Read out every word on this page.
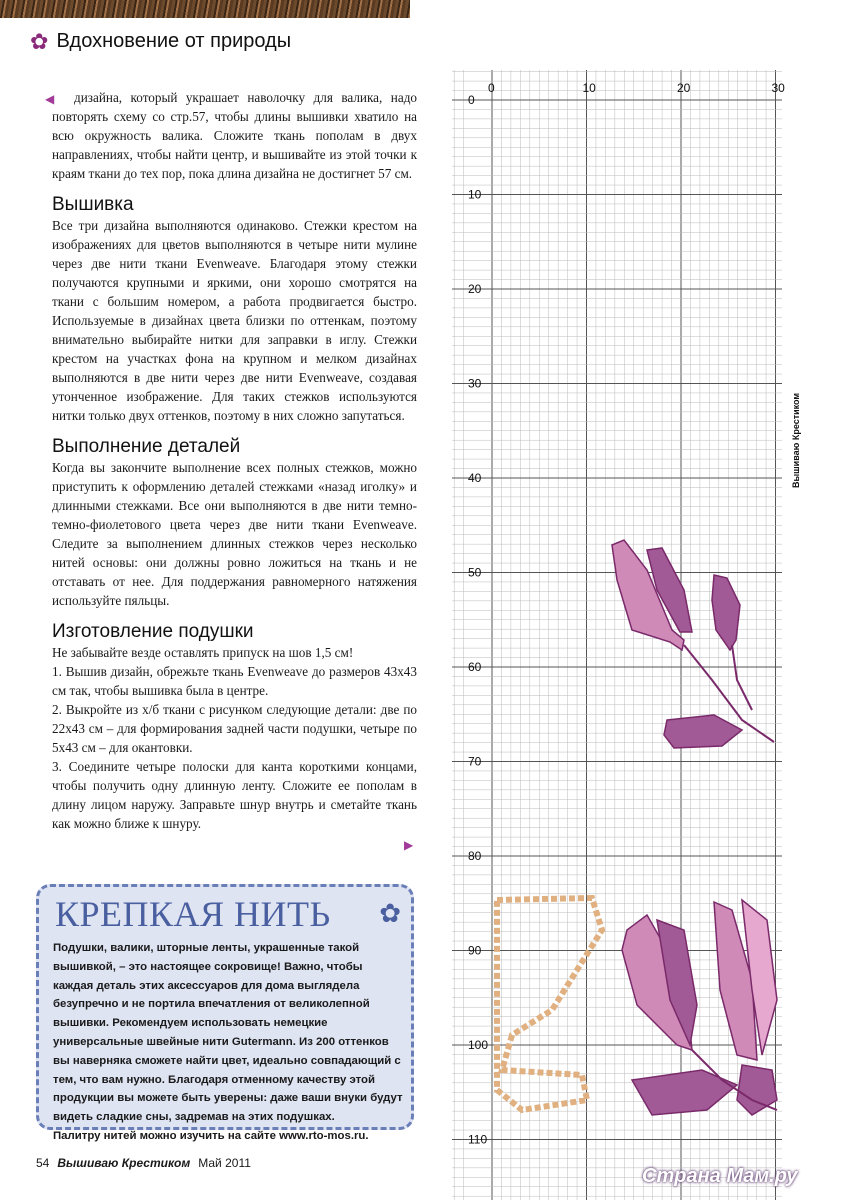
✿ Вдохновение от природы
◀	дизайна, который украшает наволочку для валика, надо повторять схему со стр.57, чтобы длины вышивки хватило на всю окружность валика. Сложите ткань пополам в двух направлениях, чтобы найти центр, и вышивайте из этой точки к краям ткани до тех пор, пока длина дизайна не достигнет 57 см.

Вышивка

Все три дизайна выполняются одинаково. Стежки крестом на изображениях для цветов выполняются в четыре нити мулине через две нити ткани Evenweave. Благодаря этому стежки получаются крупными и яркими, они хорошо смотрятся на ткани с большим номером, а работа продвигается быстро. Используемые в дизайнах цвета близки по оттенкам, поэтому внимательно выбирайте нитки для заправки в иглу. Стежки крестом на участках фона на крупном и мелком дизайнах выполняются в две нити через две нити Evenweave, создавая утонченное изображение. Для таких стежков используются нитки только двух оттенков, поэтому в них сложно запутаться.

Выполнение деталей

Когда вы закончите выполнение всех полных стежков, можно приступить к оформлению деталей стежками «назад иголку» и длинными стежками. Все они выполняются в две нити темно-темно-фиолетового цвета через две нити ткани Evenweave. Следите за выполнением длинных стежков через несколько нитей основы: они должны ровно ложиться на ткань и не отставать от нее. Для поддержания равномерного натяжения используйте пяльцы.

Изготовление подушки

Не забывайте везде оставлять припуск на шов 1,5 см!

1. Вышив дизайн, обрежьте ткань Evenweave до размеров 43x43 см так, чтобы вышивка была в центре.

2. Выкройте из х/б ткани с рисунком следующие детали: две по 22x43 см – для формирования задней части подушки, четыре по 5x43 см – для окантовки.

3. Соедините четыре полоски для канта короткими концами, чтобы получить одну длинную ленту. Сложите ее пополам в длину лицом наружу. Заправьте шнур внутрь и сметайте ткань как можно ближе к шнуру.

▶
КРЕПКАЯ НИТЬ ✿

Подушки, валики, шторные ленты, украшенные такой вышивкой, – это настоящее сокровище! Важно, чтобы каждая деталь этих аксессуаров для дома выглядела безупречно и не портила впечатления от великолепной вышивки. Рекомендуем использовать немецкие универсальные швейные нити Gutermann. Из 200 оттенков вы наверняка сможете найти цвет, идеально совпадающий с тем, что вам нужно. Благодаря отменному качеству этой продукции вы можете быть уверены: даже ваши внуки будут видеть сладкие сны, задремав на этих подушках.

Палитру нитей можно изучить на сайте www.rto-mos.ru.

54 Вышиваю Крестиком Май 2011
0	10	20	30
0
10
20
30
40
50
60
70
80
90
100
110
Вышиваю Крестиком
Страна Мам.ру
